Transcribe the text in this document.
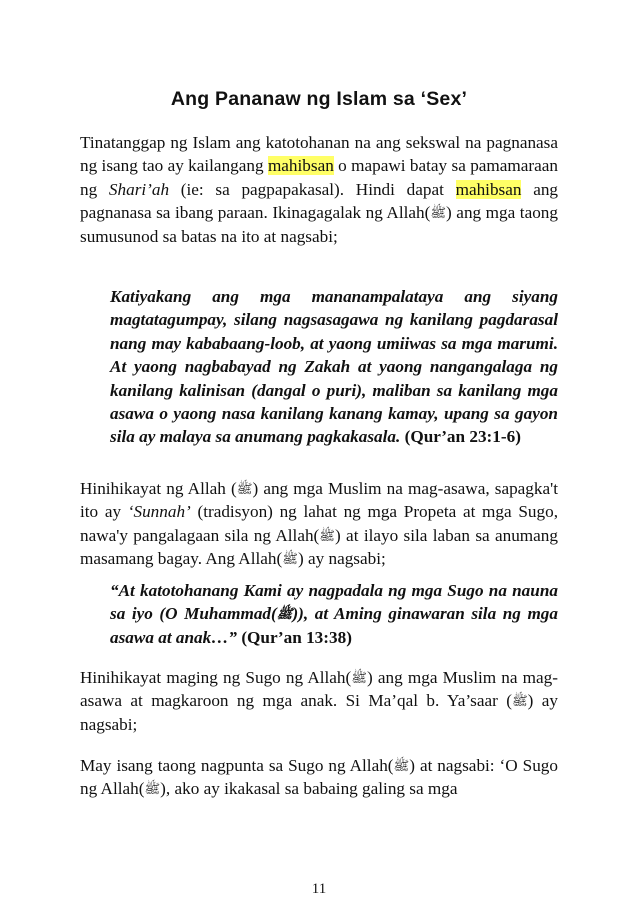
Ang Pananaw ng Islam sa ‘Sex’
Tinatanggap ng Islam ang katotohanan na ang sekswal na pagnanasa ng isang tao ay kailangang mahibsan o mapawi batay sa pamamaraan ng Shari’ah (ie: sa pagpapakasal). Hindi dapat mahibsan ang pagnanasa sa ibang paraan. Ikinagagalak ng Allah(ﷺ) ang mga taong sumusunod sa batas na ito at nagsabi;
Katiyakang ang mga mananampalataya ang siyang magtatagumpay, silang nagsasagawa ng kanilang pagdarasal nang may kababaang-loob, at yaong umiiwas sa mga marumi. At yaong nagbabayad ng Zakah at yaong nangangalaga ng kanilang kalinisan (dangal o puri), maliban sa kanilang mga asawa o yaong nasa kanilang kanang kamay, upang sa gayon sila ay malaya sa anumang pagkakasala. (Qur’an 23:1-6)
Hinihikayat ng Allah (ﷺ) ang mga Muslim na mag-asawa, sapagka't ito ay ‘Sunnah’ (tradisyon) ng lahat ng mga Propeta at mga Sugo, nawa'y pangalagaan sila ng Allah(ﷺ) at ilayo sila laban sa anumang masamang bagay. Ang Allah(ﷺ) ay nagsabi;
“At katotohanang Kami ay nagpadala ng mga Sugo na nauna sa iyo (O Muhammad(ﷺ)), at Aming ginawaran sila ng mga asawa at anak…” (Qur’an 13:38)
Hinihikayat maging ng Sugo ng Allah(ﷺ) ang mga Muslim na mag-asawa at magkaroon ng mga anak. Si Ma’qal b. Ya’saar (ﷺ) ay nagsabi;
May isang taong nagpunta sa Sugo ng Allah(ﷺ) at nagsabi: ‘O Sugo ng Allah(ﷺ), ako ay ikakasal sa babaing galing sa mga
11
